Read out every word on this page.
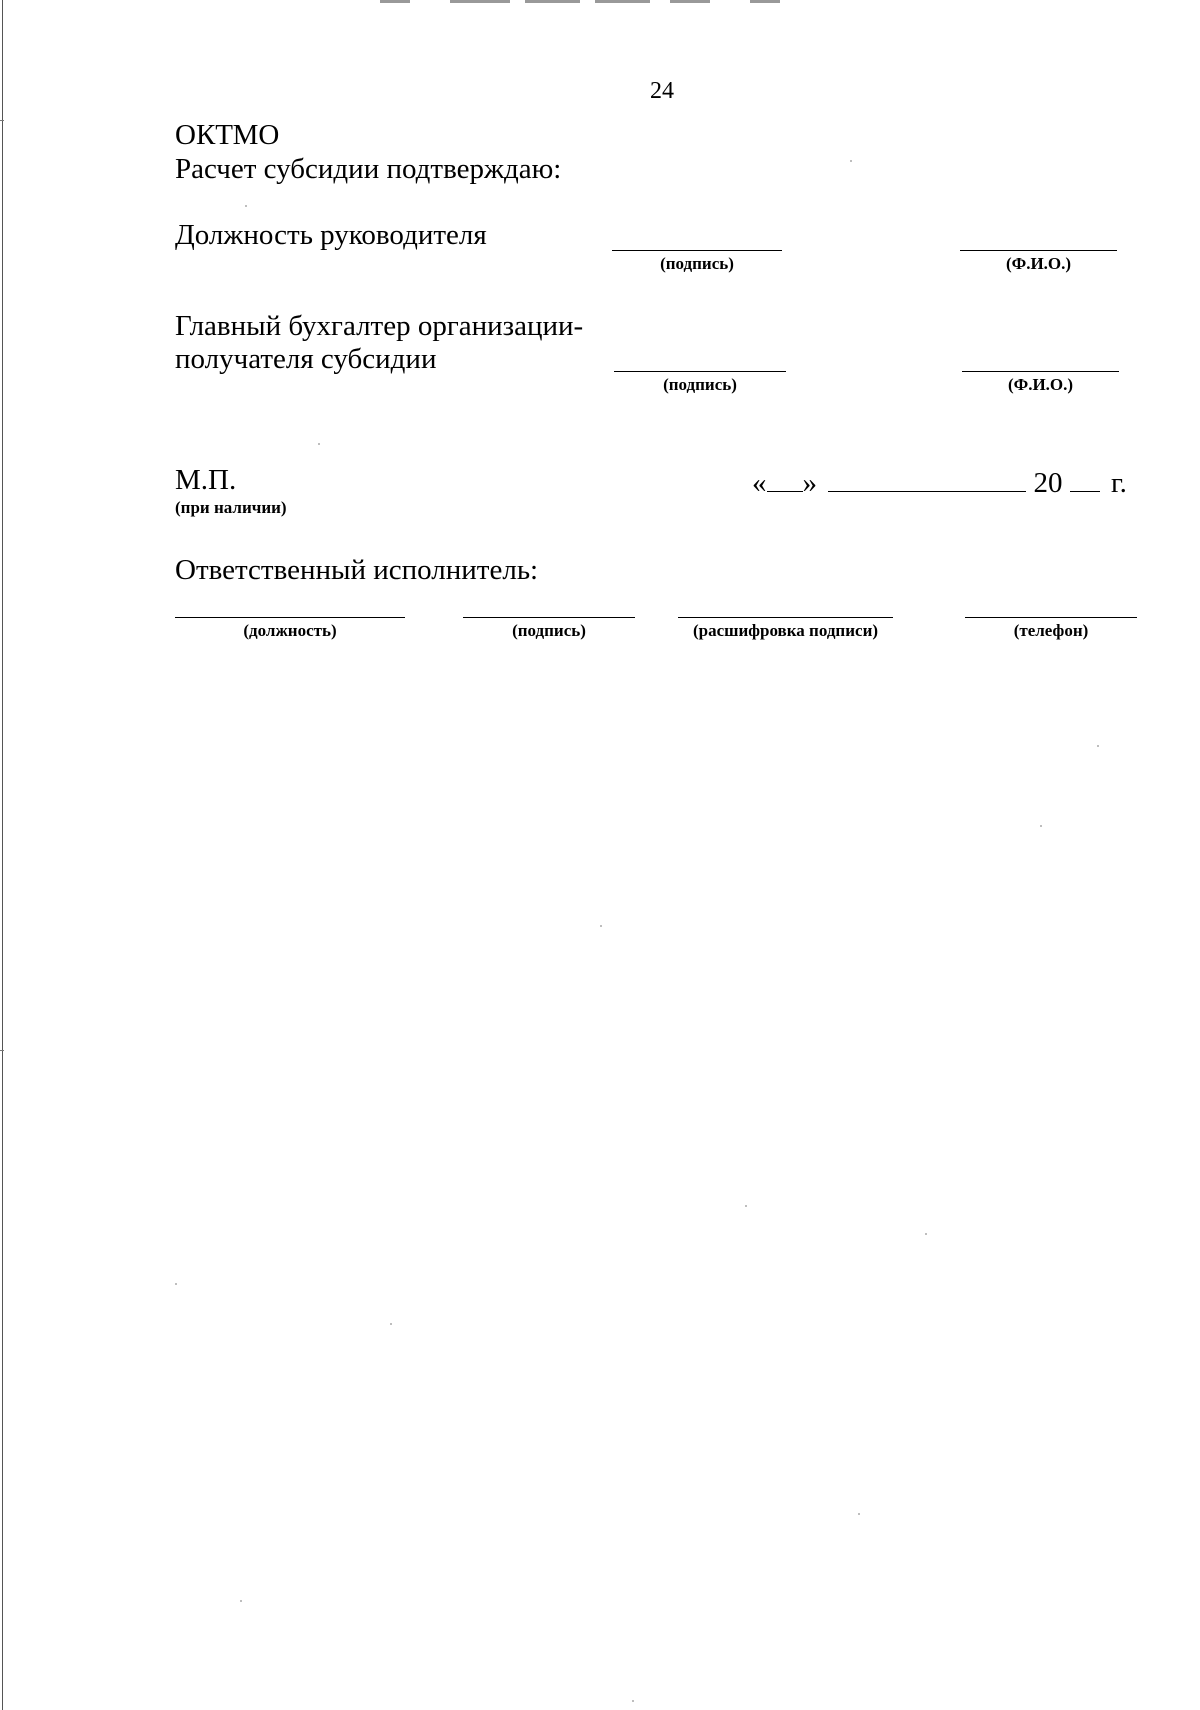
24
ОКТМО
Расчет субсидии подтверждаю:
Должность руководителя
(подпись)	(Ф.И.О.)
Главный бухгалтер организации-
получателя субсидии
(подпись)	(Ф.И.О.)
М.П.
(при наличии)
« »	20 г.
Ответственный исполнитель:
(должность)	(подпись)	(расшифровка подписи)	(телефон)
